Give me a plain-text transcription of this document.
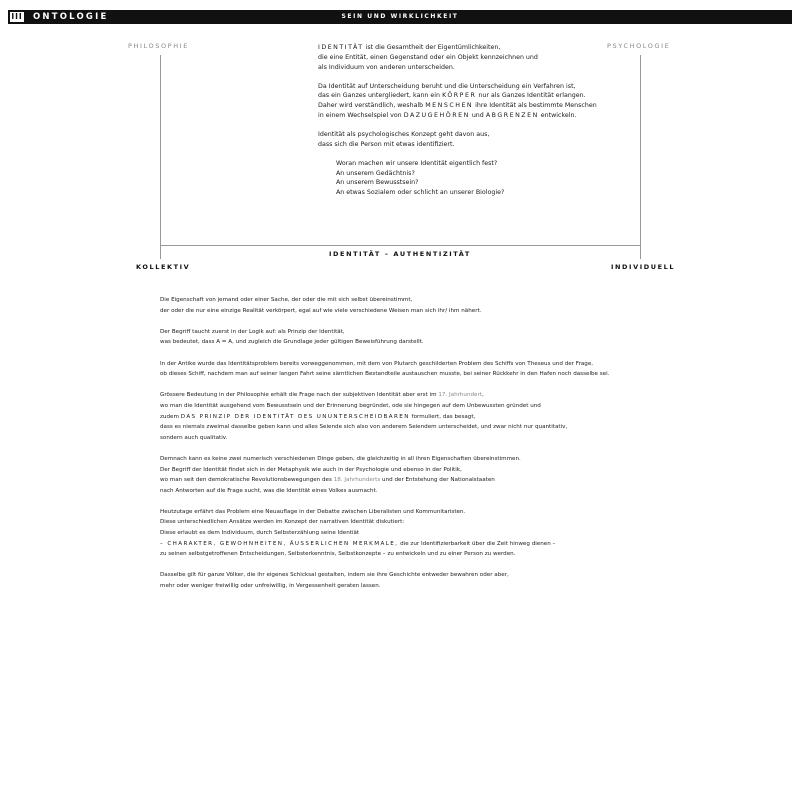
III ONTOLOGIE	SEIN UND WIRKLICHKEIT
IDENTITÄT – AUTHENTIZITÄT
PHILOSOPHIE	PSYCHOLOGIE
KOLLEKTIV	INDIVIDUELL

IDENTITÄT ist die Gesamtheit der Eigentümlichkeiten,
die eine Entität, einen Gegenstand oder ein Objekt kennzeichnen und
als Individuum von anderen unterscheiden.

Da Identität auf Unterscheidung beruht und die Unterscheidung ein Verfahren ist,
das ein Ganzes untergliedert, kann ein KÖRPER nur als Ganzes Identität erlangen.
Daher wird verständlich, weshalb MENSCHEN ihre Identität als bestimmte Menschen
in einem Wechselspiel von DAZUGEHÖREN und ABGRENZEN entwickeln.

Identität als psychologisches Konzept geht davon aus,
dass sich die Person mit etwas identifiziert.

Woran machen wir unsere Identität eigentlich fest?
An unserem Gedächtnis?
An unserem Bewusstsein?
An etwas Sozialem oder schlicht an unserer Biologie?

Die Eigenschaft von jemand oder einer Sache, der oder die mit sich selbst übereinstimmt,
der oder die nur eine einzige Realität verkörpert, egal auf wie viele verschiedene Weisen man sich ihr/ ihm nähert.

Der Begriff taucht zuerst in der Logik auf: als Prinzip der Identität,
was bedeutet, dass A = A, und zugleich die Grundlage jeder gültigen Beweisführung darstellt.

In der Antike wurde das Identitätsproblem bereits vorweggenommen, mit dem von Plutarch geschilderten Problem des Schiffs von Theseus und der Frage,
ob dieses Schiff, nachdem man auf seiner langen Fahrt seine sämtlichen Bestandteile austauschen musste, bei seiner Rückkehr in den Hafen noch dasselbe sei.

Grössere Bedeutung in der Philosophie erhält die Frage nach der subjektiven Identität aber erst im 17. Jahrhundert,
wo man die Identität ausgehend vom Bewusstsein und der Erinnerung begründet, ode sie hingegen auf dem Unbewussten gründet und
zudem DAS PRINZIP DER IDENTITÄT DES UNUNTERSCHEIDBAREN formuliert, das besagt,
dass es niemals zweimal dasselbe geben kann und alles Seiende sich also von anderem Seiendem unterscheidet, und zwar nicht nur quantitativ,
sondern auch qualitativ.

Demnach kann es keine zwei numerisch verschiedenen Dinge geben, die gleichzeitig in all ihren Eigenschaften übereinstimmen.
Der Begriff der Identität findet sich in der Metaphysik wie auch in der Psychologie und ebenso in der Politik,
wo man seit den demokratische Revolutionsbewegungen des 18. Jahrhunderts und der Entstehung der Nationalstaaten
nach Antworten auf die Frage sucht, was die Identität eines Volkes ausmacht.

Heutzutage erfährt das Problem eine Neuauflage in der Debatte zwischen Liberalisten und Kommunitaristen.
Diese unterschiedlichen Ansätze werden im Konzept der narrativen Identität diskutiert:
Diese erlaubt es dem Individuum, durch Selbsterzählung seine Identiät
– CHARAKTER, GEWOHNHEITEN, ÄUSSERLICHEN MERKMALE, die zur Identifizierbarkeit über die Zeit hinweg dienen –
zu seinen selbstgetroffenen Entscheidungen, Selbsterkenntnis, Selbstkonzepte – zu entwickeln und zu einer Person zu werden.

Dasselbe gilt für ganze Völker, die ihr eigenes Schicksal gestalten, indem sie ihre Geschichte entweder bewahren oder aber,
mehr oder weniger freiwillig oder unfreiwillig, in Vergessenheit geraten lassen.
